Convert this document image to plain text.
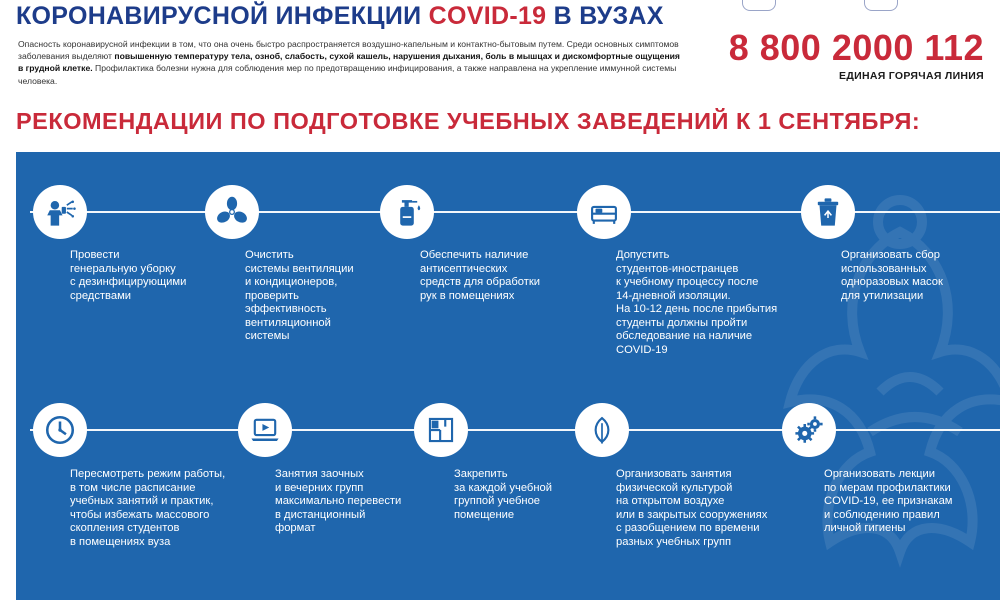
КОРОНАВИРУСНОЙ ИНФЕКЦИИ COVID-19 В ВУЗАХ

Опасность коронавирусной инфекции в том, что она очень быстро распространяется воздушно-капельным и контактно-бытовым путем. Среди основных симптомов заболевания выделяют повышенную температуру тела, озноб, слабость, сухой кашель, нарушения дыхания, боль в мышцах и дискомфортные ощущения в грудной клетке. Профилактика болезни нужна для соблюдения мер по предотвращению инфицирования, а также направлена на укрепление иммунной системы человека.

8 800 2000 112
ЕДИНАЯ ГОРЯЧАЯ ЛИНИЯ
РЕКОМЕНДАЦИИ ПО ПОДГОТОВКЕ УЧЕБНЫХ ЗАВЕДЕНИЙ К 1 СЕНТЯБРЯ:

Провести
генеральную уборку
с дезинфицирующими
средствами

Очистить
системы вентиляции
и кондиционеров,
проверить
эффективность
вентиляционной
системы

Обеспечить наличие
антисептических
средств для обработки
рук в помещениях

Допустить
студентов-иностранцев
к учебному процессу после
14-дневной изоляции.
На 10-12 день после прибытия
студенты должны пройти
обследование на наличие
COVID-19

Организовать сбор
использованных
одноразовых масок
для утилизации

Пересмотреть режим работы,
в том числе расписание
учебных занятий и практик,
чтобы избежать массового
скопления студентов
в помещениях вуза

Занятия заочных
и вечерних групп
максимально перевести
в дистанционный
формат

Закрепить
за каждой учебной
группой учебное
помещение

Организовать занятия
физической культурой
на открытом воздухе
или в закрытых сооружениях
с разобщением по времени
разных учебных групп

Организовать лекции
по мерам профилактики
COVID-19, ее признакам
и соблюдению правил
личной гигиены
